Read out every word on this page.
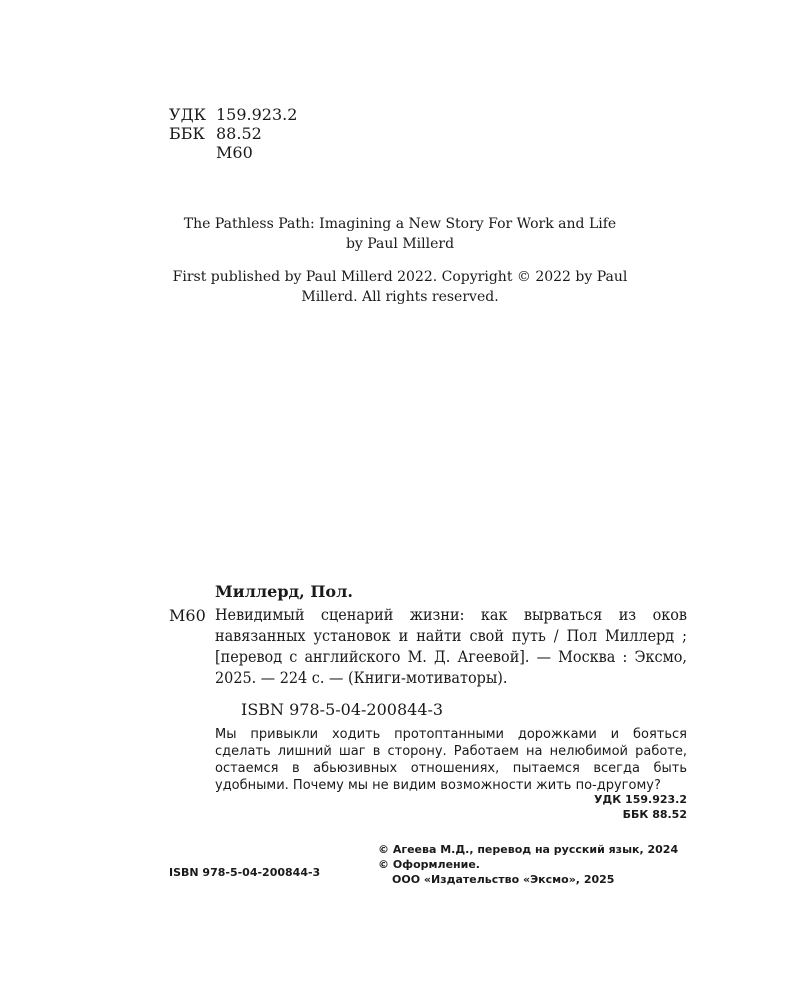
УДК 159.923.2
ББК 88.52
М60

The Pathless Path: Imagining a New Story For Work and Life

by Paul Millerd

First published by Paul Millerd 2022. Copyright © 2022 by Paul Millerd. All rights reserved.

Миллерд, Пол.
М60 Невидимый сценарий жизни: как вырваться из оков навязанных установок и найти свой путь / Пол Миллерд ; [перевод с английского М. Д. Агеевой]. — Москва : Эксмо, 2025. — 224 с. — (Книги-мотиваторы).
ISBN 978-5-04-200844-3
Мы привыкли ходить протоптанными дорожками и бояться сделать лишний шаг в сторону. Работаем на нелюбимой работе, остаемся в абьюзивных отношениях, пытаемся всегда быть удобными. Почему мы не видим возможности жить по-другому?
УДК 159.923.2
ББК 88.52
© Агеева М.Д., перевод на русский язык, 2024
© Оформление.
ООО «Издательство «Эксмо», 2025
ISBN 978-5-04-200844-3
